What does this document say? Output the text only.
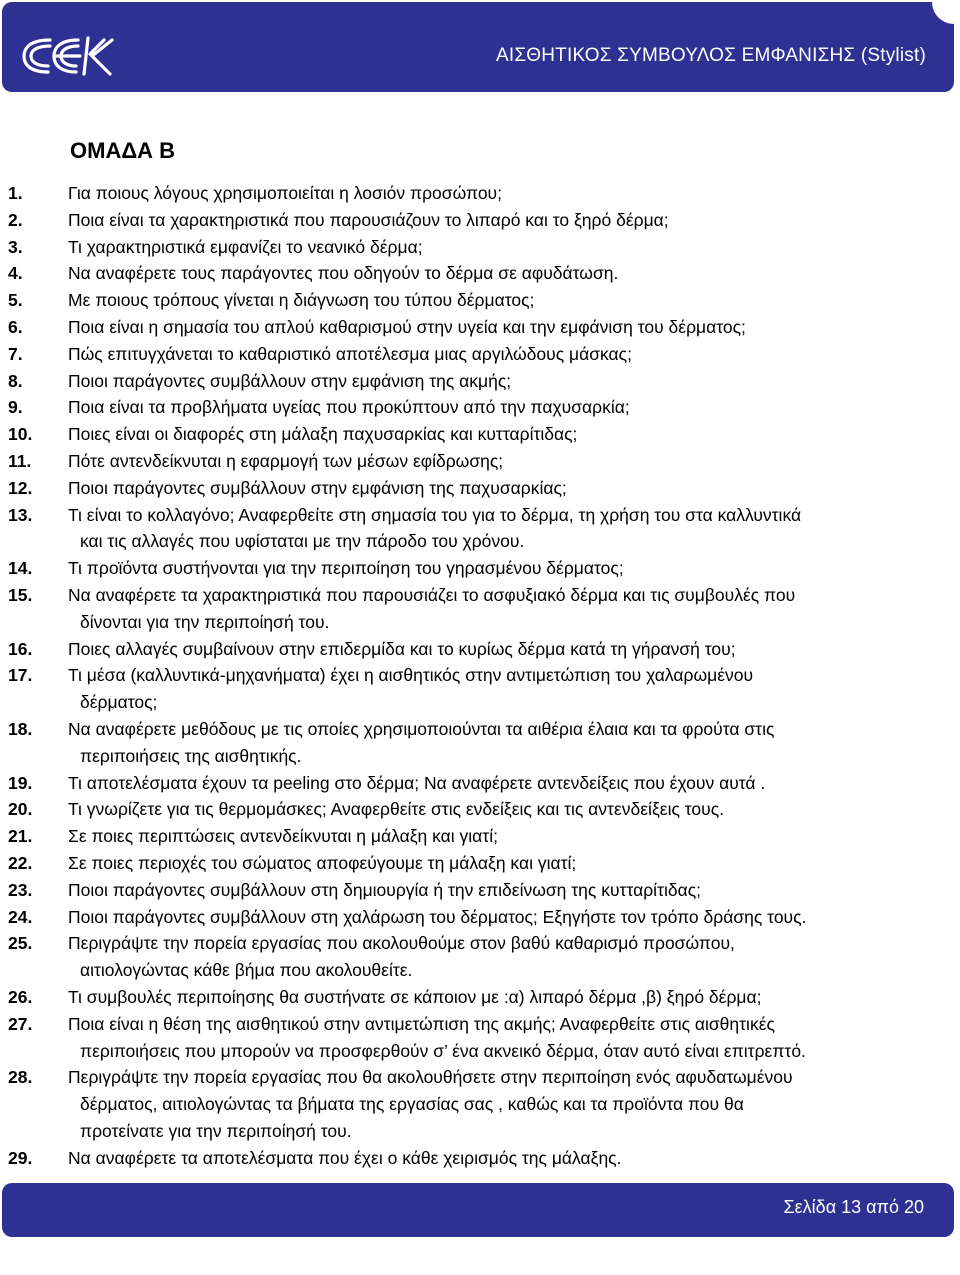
ΑΙΣΘΗΤΙΚΟΣ ΣΥΜΒΟΥΛΟΣ ΕΜΦΑΝΙΣΗΣ (Stylist)
ΟΜΑΔΑ Β
1.	Για ποιους λόγους χρησιμοποιείται η λοσιόν προσώπου;
2.	Ποια είναι τα χαρακτηριστικά που παρουσιάζουν το λιπαρό και το ξηρό δέρμα;
3.	Τι χαρακτηριστικά εμφανίζει το νεανικό δέρμα;
4.	Να αναφέρετε τους παράγοντες που οδηγούν το δέρμα σε αφυδάτωση.
5.	Με ποιους τρόπους γίνεται η διάγνωση του τύπου δέρματος;
6.	Ποια είναι η σημασία του απλού καθαρισμού στην υγεία και την εμφάνιση του δέρματος;
7.	Πώς επιτυγχάνεται το καθαριστικό αποτέλεσμα μιας αργιλώδους μάσκας;
8.	Ποιοι παράγοντες συμβάλλουν στην εμφάνιση της ακμής;
9.	Ποια είναι τα προβλήματα υγείας που προκύπτουν από την παχυσαρκία;
10.	Ποιες είναι οι διαφορές στη μάλαξη παχυσαρκίας και κυτταρίτιδας;
11.	Πότε αντενδείκνυται η εφαρμογή των μέσων εφίδρωσης;
12.	Ποιοι παράγοντες συμβάλλουν στην εμφάνιση της παχυσαρκίας;
13.	Τι είναι το κολλαγόνο; Αναφερθείτε στη σημασία του για το δέρμα, τη χρήση του στα καλλυντικά
και τις αλλαγές που υφίσταται με την πάροδο του χρόνου.
14.	Τι προϊόντα συστήνονται για την περιποίηση του γηρασμένου δέρματος;
15.	Να αναφέρετε τα χαρακτηριστικά που παρουσιάζει το ασφυξιακό δέρμα και τις συμβουλές που
δίνονται για την περιποίησή του.
16.	Ποιες αλλαγές συμβαίνουν στην επιδερμίδα και το κυρίως δέρμα κατά τη γήρανσή του;
17.	Τι μέσα (καλλυντικά-μηχανήματα) έχει η αισθητικός στην αντιμετώπιση του χαλαρωμένου
δέρματος;
18.	Να αναφέρετε μεθόδους με τις οποίες χρησιμοποιούνται τα αιθέρια έλαια και τα φρούτα στις
περιποιήσεις της αισθητικής.
19.	Τι αποτελέσματα έχουν τα peeling στο δέρμα; Να αναφέρετε αντενδείξεις που έχουν αυτά .
20.	Τι γνωρίζετε για τις θερμομάσκες; Αναφερθείτε στις ενδείξεις και τις αντενδείξεις τους.
21.	Σε ποιες περιπτώσεις αντενδείκνυται η μάλαξη και γιατί;
22.	Σε ποιες περιοχές του σώματος αποφεύγουμε τη μάλαξη και γιατί;
23.	Ποιοι παράγοντες συμβάλλουν στη δημιουργία ή την επιδείνωση της κυτταρίτιδας;
24.	Ποιοι παράγοντες συμβάλλουν στη χαλάρωση του δέρματος; Εξηγήστε τον τρόπο δράσης τους.
25.	Περιγράψτε την πορεία εργασίας που ακολουθούμε στον βαθύ καθαρισμό προσώπου,
αιτιολογώντας κάθε βήμα που ακολουθείτε.
26.	Τι συμβουλές περιποίησης θα συστήνατε σε κάποιον με :α) λιπαρό δέρμα ,β) ξηρό δέρμα;
27.	Ποια είναι η θέση της αισθητικού στην αντιμετώπιση της ακμής; Αναφερθείτε στις αισθητικές
περιποιήσεις που μπορούν να προσφερθούν σ’ ένα ακνεικό δέρμα, όταν αυτό είναι επιτρεπτό.
28.	Περιγράψτε την πορεία εργασίας που θα ακολουθήσετε στην περιποίηση ενός αφυδατωμένου
δέρματος, αιτιολογώντας τα βήματα της εργασίας σας , καθώς και τα προϊόντα που θα
προτείνατε για την περιποίησή του.
29.	Να αναφέρετε τα αποτελέσματα που έχει ο κάθε χειρισμός της μάλαξης.
Σελίδα 13 από 20
